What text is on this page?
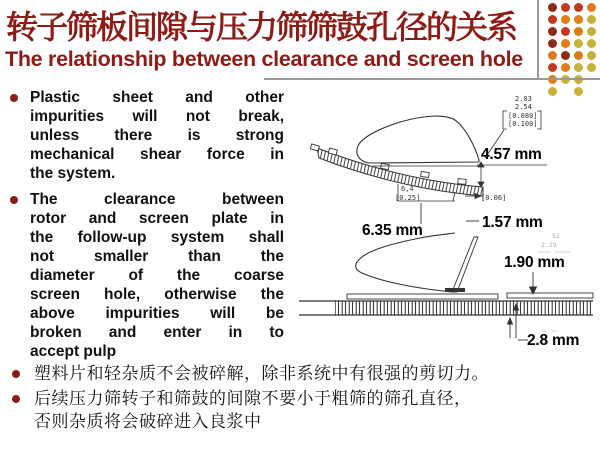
转子筛板间隙与压力筛筛鼓孔径的关系
The relationship between clearance and screen hole
Plastic sheet and other
impurities will not break,
unless there is strong
mechanical shear force in
the system.
The clearance between
rotor and screen plate in
the follow-up system shall
not smaller than the
diameter of the coarse
screen hole, otherwise the
above impurities will be
broken and enter in to
accept pulp
2.03
2.54
[0.080]
[0.100]
6,4
[0.25]	[0.06]
52
2.29
4.57 mm
6.35 mm	1.57 mm
1.90 mm
2.8 mm
塑料片和轻杂质不会被碎解，除非系统中有很强的剪切力。
后续压力筛转子和筛鼓的间隙不要小于粗筛的筛孔直径，
否则杂质将会破碎进入良浆中
